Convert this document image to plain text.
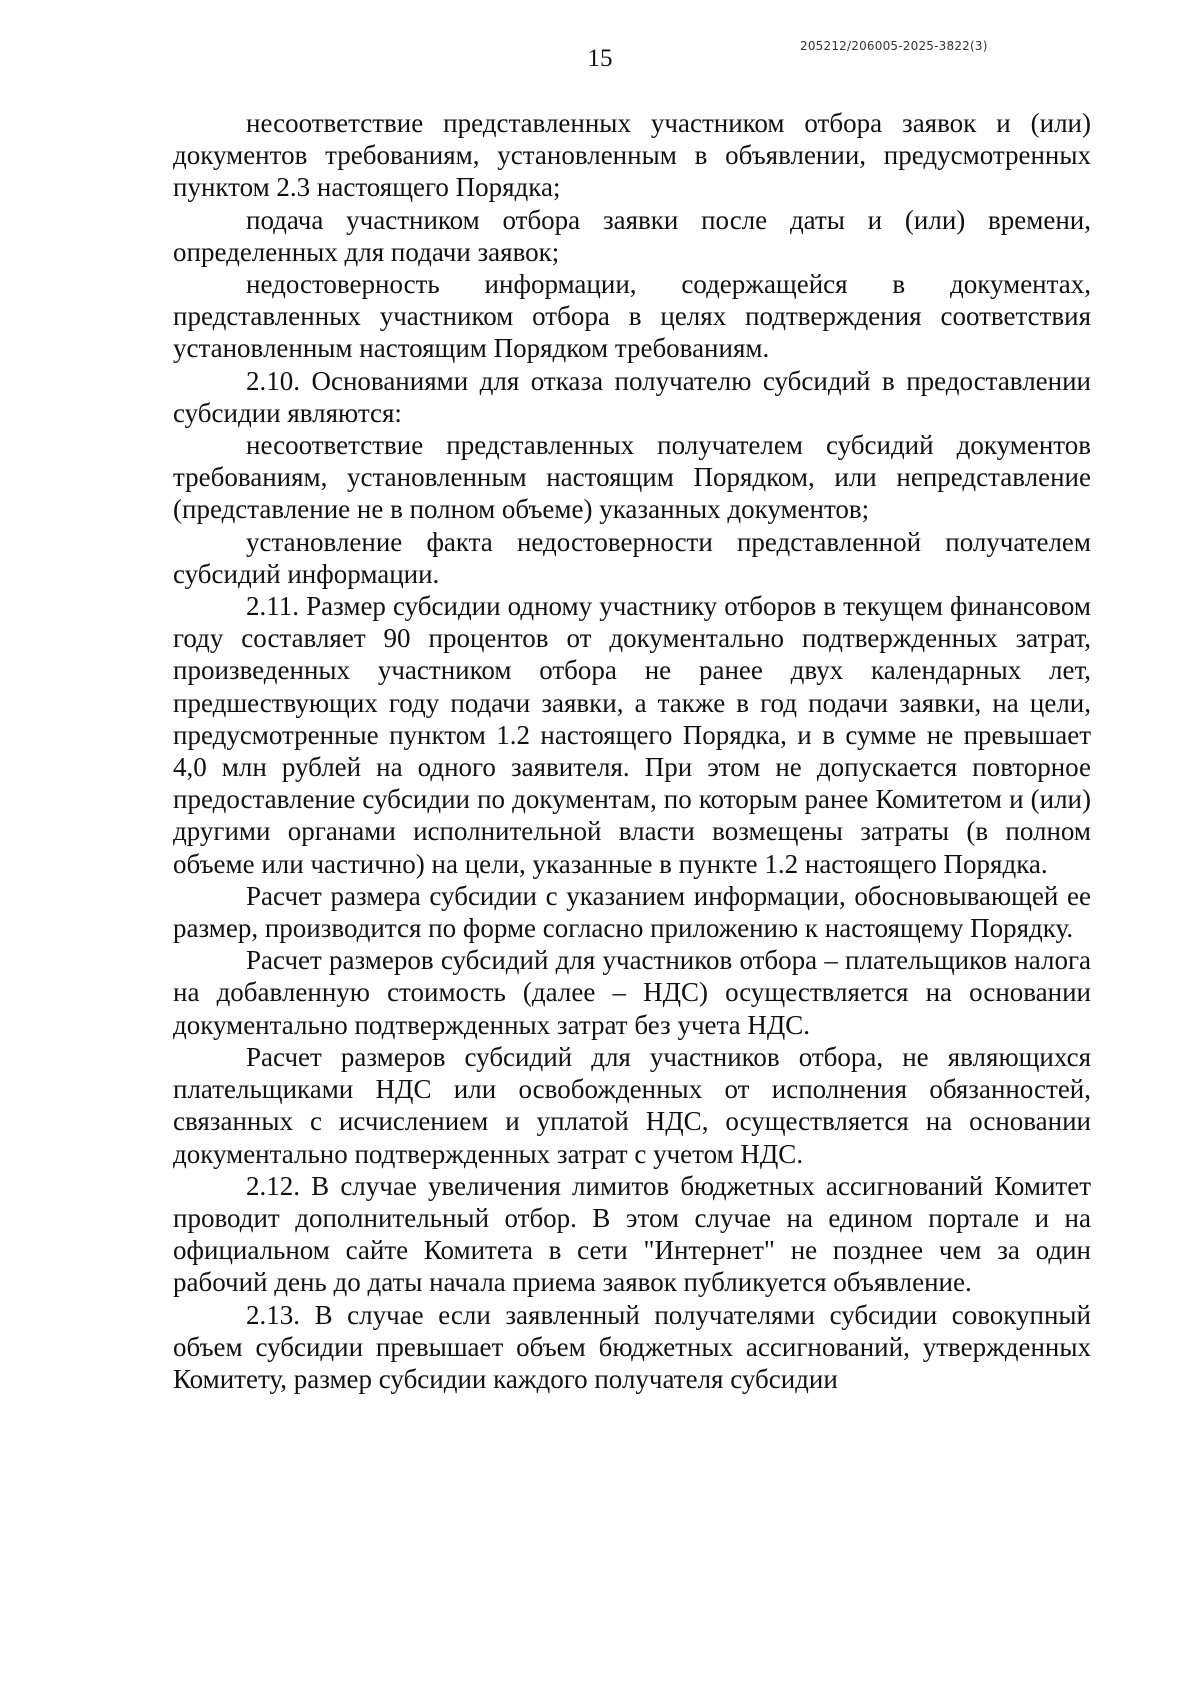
15	205212/206005-2025-3822(3)

несоответствие представленных участником отбора заявок и (или) документов требованиям, установленным в объявлении, предусмотренных пунктом 2.3 настоящего Порядка;

подача участником отбора заявки после даты и (или) времени, определенных для подачи заявок;

недостоверность информации, содержащейся в документах, представленных участником отбора в целях подтверждения соответствия установленным настоящим Порядком требованиям.

2.10. Основаниями для отказа получателю субсидий в предоставлении субсидии являются:

несоответствие представленных получателем субсидий документов требованиям, установленным настоящим Порядком, или непредставление (представление не в полном объеме) указанных документов;

установление факта недостоверности представленной получателем субсидий информации.

2.11. Размер субсидии одному участнику отборов в текущем финансовом году составляет 90 процентов от документально подтвержденных затрат, произведенных участником отбора не ранее двух календарных лет, предшествующих году подачи заявки, а также в год подачи заявки, на цели, предусмотренные пунктом 1.2 настоящего Порядка, и в сумме не превышает 4,0 млн рублей на одного заявителя. При этом не допускается повторное предоставление субсидии по документам, по которым ранее Комитетом и (или) другими органами исполнительной власти возмещены затраты (в полном объеме или частично) на цели, указанные в пункте 1.2 настоящего Порядка.

Расчет размера субсидии с указанием информации, обосновывающей ее размер, производится по форме согласно приложению к настоящему Порядку.

Расчет размеров субсидий для участников отбора – плательщиков налога на добавленную стоимость (далее – НДС) осуществляется на основании документально подтвержденных затрат без учета НДС.

Расчет размеров субсидий для участников отбора, не являющихся плательщиками НДС или освобожденных от исполнения обязанностей, связанных с исчислением и уплатой НДС, осуществляется на основании документально подтвержденных затрат с учетом НДС.

2.12. В случае увеличения лимитов бюджетных ассигнований Комитет проводит дополнительный отбор. В этом случае на едином портале и на официальном сайте Комитета в сети "Интернет" не позднее чем за один рабочий день до даты начала приема заявок публикуется объявление.

2.13. В случае если заявленный получателями субсидии совокупный объем субсидии превышает объем бюджетных ассигнований, утвержденных Комитету, размер субсидии каждого получателя субсидии
